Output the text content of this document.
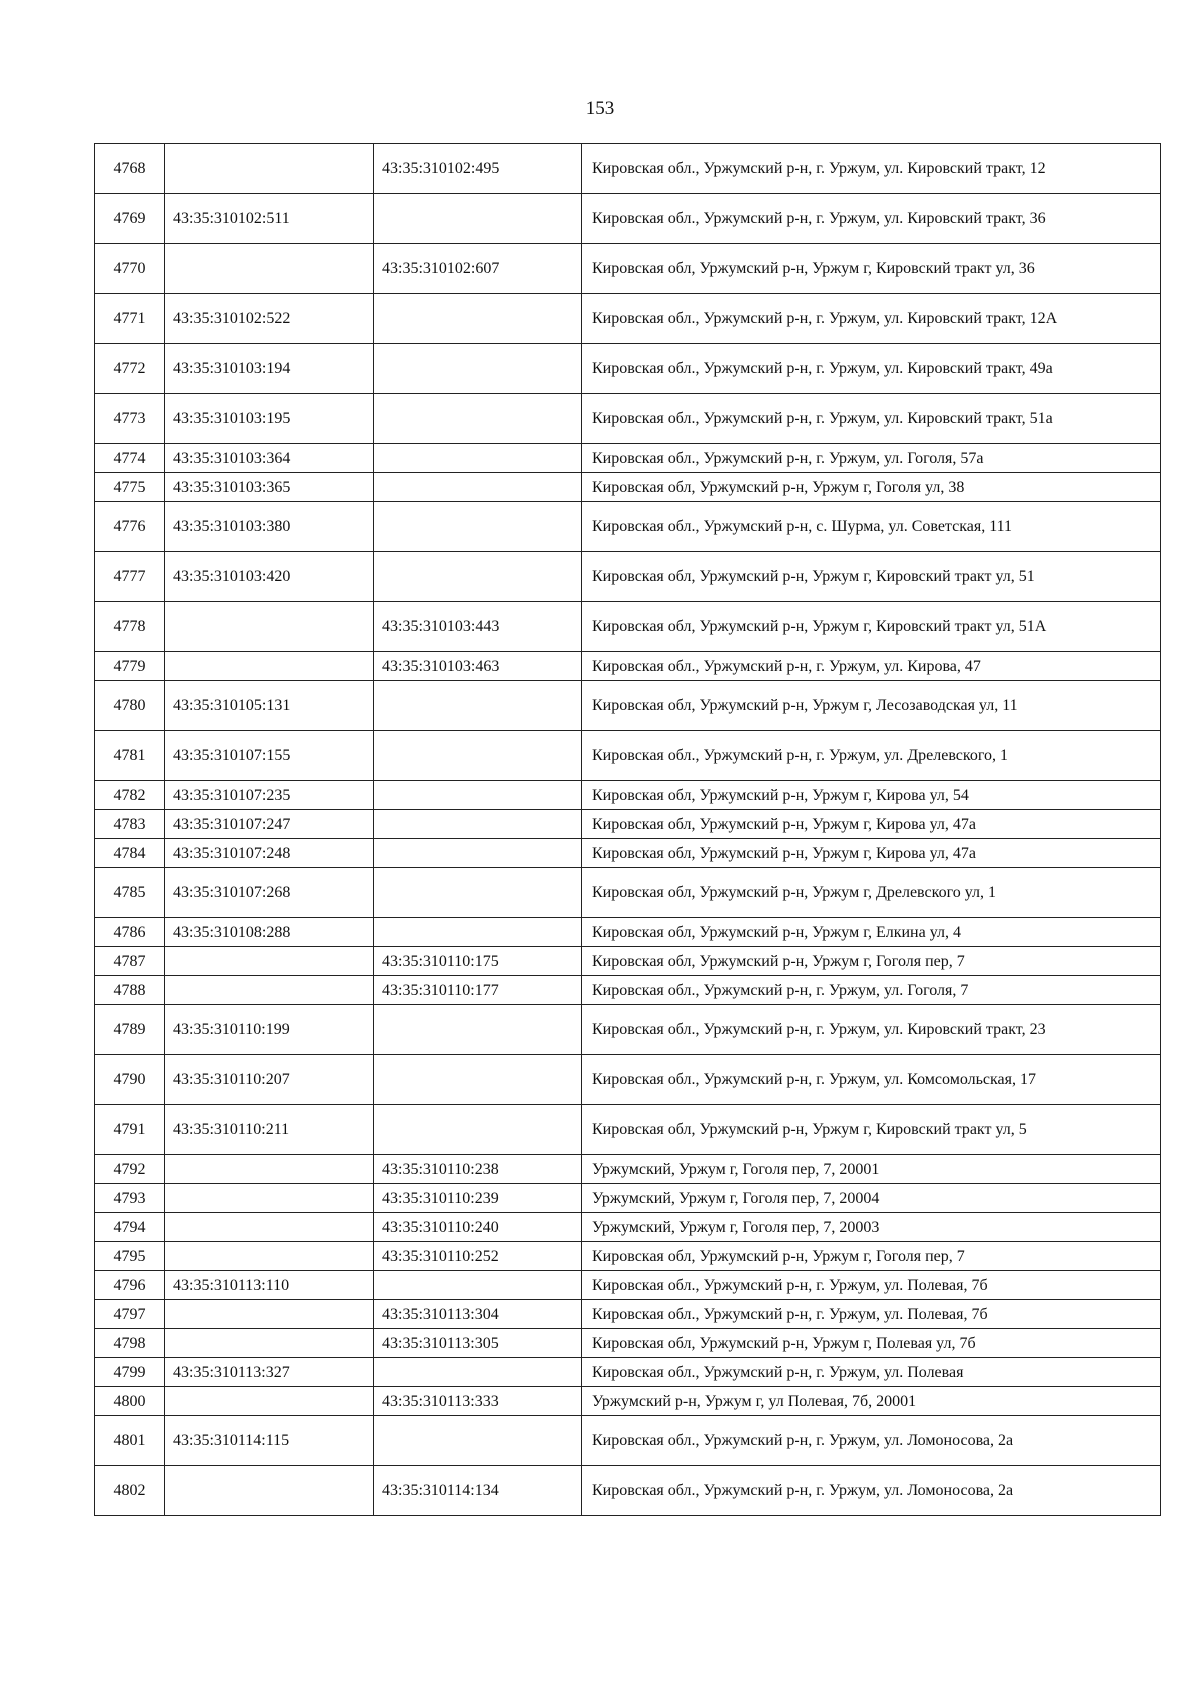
153
4768		43:35:310102:495	Кировская обл., Уржумский р-н, г. Уржум, ул. Кировский тракт, 12
4769	43:35:310102:511		Кировская обл., Уржумский р-н, г. Уржум, ул. Кировский тракт, 36
4770		43:35:310102:607	Кировская обл, Уржумский р-н, Уржум г, Кировский тракт ул, 36
4771	43:35:310102:522		Кировская обл., Уржумский р-н, г. Уржум, ул. Кировский тракт, 12А
4772	43:35:310103:194		Кировская обл., Уржумский р-н, г. Уржум, ул. Кировский тракт, 49а
4773	43:35:310103:195		Кировская обл., Уржумский р-н, г. Уржум, ул. Кировский тракт, 51а
4774	43:35:310103:364		Кировская обл., Уржумский р-н, г. Уржум, ул. Гоголя, 57а
4775	43:35:310103:365		Кировская обл, Уржумский р-н, Уржум г, Гоголя ул, 38
4776	43:35:310103:380		Кировская обл., Уржумский р-н, с. Шурма, ул. Советская, 111
4777	43:35:310103:420		Кировская обл, Уржумский р-н, Уржум г, Кировский тракт ул, 51
4778		43:35:310103:443	Кировская обл, Уржумский р-н, Уржум г, Кировский тракт ул, 51А
4779		43:35:310103:463	Кировская обл., Уржумский р-н, г. Уржум, ул. Кирова, 47
4780	43:35:310105:131		Кировская обл, Уржумский р-н, Уржум г, Лесозаводская ул, 11
4781	43:35:310107:155		Кировская обл., Уржумский р-н, г. Уржум, ул. Дрелевского, 1
4782	43:35:310107:235		Кировская обл, Уржумский р-н, Уржум г, Кирова ул, 54
4783	43:35:310107:247		Кировская обл, Уржумский р-н, Уржум г, Кирова ул, 47а
4784	43:35:310107:248		Кировская обл, Уржумский р-н, Уржум г, Кирова ул, 47а
4785	43:35:310107:268		Кировская обл, Уржумский р-н, Уржум г, Дрелевского ул, 1
4786	43:35:310108:288		Кировская обл, Уржумский р-н, Уржум г, Елкина ул, 4
4787		43:35:310110:175	Кировская обл, Уржумский р-н, Уржум г, Гоголя пер, 7
4788		43:35:310110:177	Кировская обл., Уржумский р-н, г. Уржум, ул. Гоголя, 7
4789	43:35:310110:199		Кировская обл., Уржумский р-н, г. Уржум, ул. Кировский тракт, 23
4790	43:35:310110:207		Кировская обл., Уржумский р-н, г. Уржум, ул. Комсомольская, 17
4791	43:35:310110:211		Кировская обл, Уржумский р-н, Уржум г, Кировский тракт ул, 5
4792		43:35:310110:238	Уржумский, Уржум г, Гоголя пер, 7, 20001
4793		43:35:310110:239	Уржумский, Уржум г, Гоголя пер, 7, 20004
4794		43:35:310110:240	Уржумский, Уржум г, Гоголя пер, 7, 20003
4795		43:35:310110:252	Кировская обл, Уржумский р-н, Уржум г, Гоголя пер, 7
4796	43:35:310113:110		Кировская обл., Уржумский р-н, г. Уржум, ул. Полевая, 7б
4797		43:35:310113:304	Кировская обл., Уржумский р-н, г. Уржум, ул. Полевая, 7б
4798		43:35:310113:305	Кировская обл, Уржумский р-н, Уржум г, Полевая ул, 7б
4799	43:35:310113:327		Кировская обл., Уржумский р-н, г. Уржум, ул. Полевая
4800		43:35:310113:333	Уржумский р-н, Уржум г, ул Полевая, 7б, 20001
4801	43:35:310114:115		Кировская обл., Уржумский р-н, г. Уржум, ул. Ломоносова, 2а
4802		43:35:310114:134	Кировская обл., Уржумский р-н, г. Уржум, ул. Ломоносова, 2а
